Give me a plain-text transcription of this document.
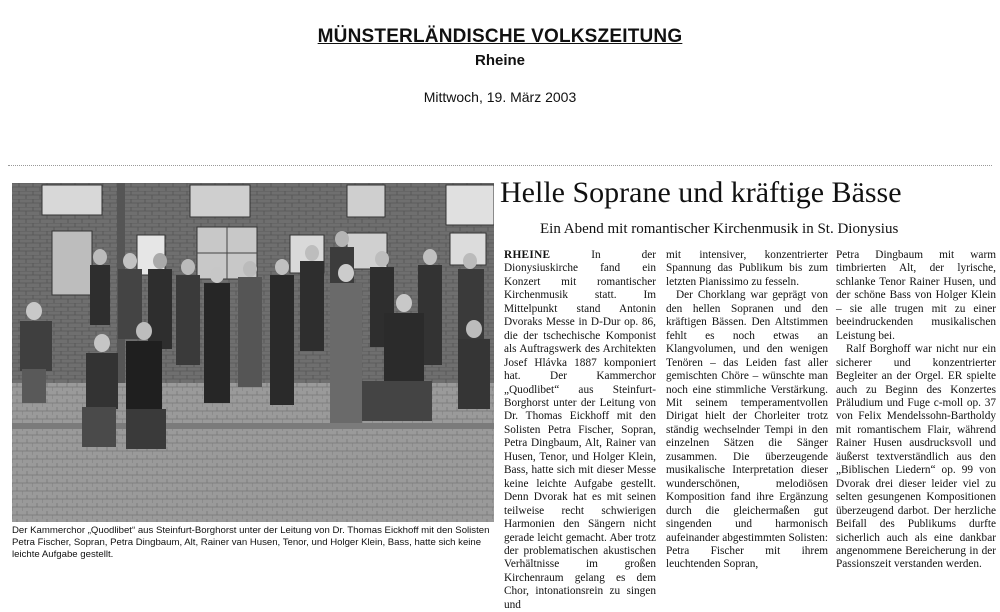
MÜNSTERLÄNDISCHE VOLKSZEITUNG
Rheine
Mittwoch, 19. März 2003
Der Kammerchor „Quodlibet“ aus Steinfurt-Borghorst unter der Leitung von Dr. Thomas Eickhoff mit den Solisten Petra Fischer, Sopran, Petra Dingbaum, Alt, Rainer van Husen, Tenor, und Holger Klein, Bass, hatte sich keine leichte Aufgabe gestellt.
Helle Soprane und kräftige Bässe
Ein Abend mit romantischer Kirchenmusik in St. Dionysius

RHEINE	In der Dionysiuskirche fand ein Konzert mit romantischer Kirchenmusik statt. Im Mittelpunkt stand Antonin Dvoraks Messe in D-Dur op. 86, die der tschechische Komponist als Auftragswerk des Architekten Josef Hlávka 1887 komponiert hat. Der Kammerchor „Quodlibet“ aus Steinfurt-Borghorst unter der Leitung von Dr. Thomas Eickhoff mit den Solisten Petra Fischer, Sopran, Petra Dingbaum, Alt, Rainer van Husen, Tenor, und Holger Klein, Bass, hatte sich mit dieser Messe keine leichte Aufgabe gestellt. Denn Dvorak hat es mit seinen teilweise recht schwierigen Harmonien den Sängern nicht gerade leicht gemacht. Aber trotz der problematischen akustischen Verhältnisse im großen Kirchenraum gelang es dem Chor, intonationsrein zu singen und

mit intensiver, konzentrierter Spannung das Publikum bis zum letzten Pianissimo zu fesseln.

Der Chorklang war geprägt von den hellen Sopranen und den kräftigen Bässen. Den Altstimmen fehlt es noch etwas an Klangvolumen, und den wenigen Tenören – das Leiden fast aller gemischten Chöre – wünschte man noch eine stimmliche Verstärkung. Mit seinem temperamentvollen Dirigat hielt der Chorleiter trotz ständig wechselnder Tempi in den einzelnen Sätzen die Sänger zusammen. Die überzeugende musikalische Interpretation dieser wunderschönen, melodiösen Komposition fand ihre Ergänzung durch die gleichermaßen gut singenden und harmonisch aufeinander abgestimmten Solisten: Petra Fischer mit ihrem leuchtenden Sopran,

Petra Dingbaum mit warm timbrierten Alt, der lyrische, schlanke Tenor Rainer Husen, und der schöne Bass von Holger Klein – sie alle trugen mit zu einer beeindruckenden musikalischen Leistung bei.

Ralf Borghoff war nicht nur ein sicherer und konzentrierter Begleiter an der Orgel. ER spielte auch zu Beginn des Konzertes Präludium und Fuge c-moll op. 37 von Felix Mendelssohn-Bartholdy mit romantischem Flair, während Rainer Husen ausdrucksvoll und äußerst textverständlich aus den „Biblischen Liedern“ op. 99 von Dvorak drei dieser leider viel zu selten gesungenen Kompositionen überzeugend darbot. Der herzliche Beifall des Publikums durfte sicherlich auch als eine dankbar angenommene Bereicherung in der Passionszeit verstanden werden.
